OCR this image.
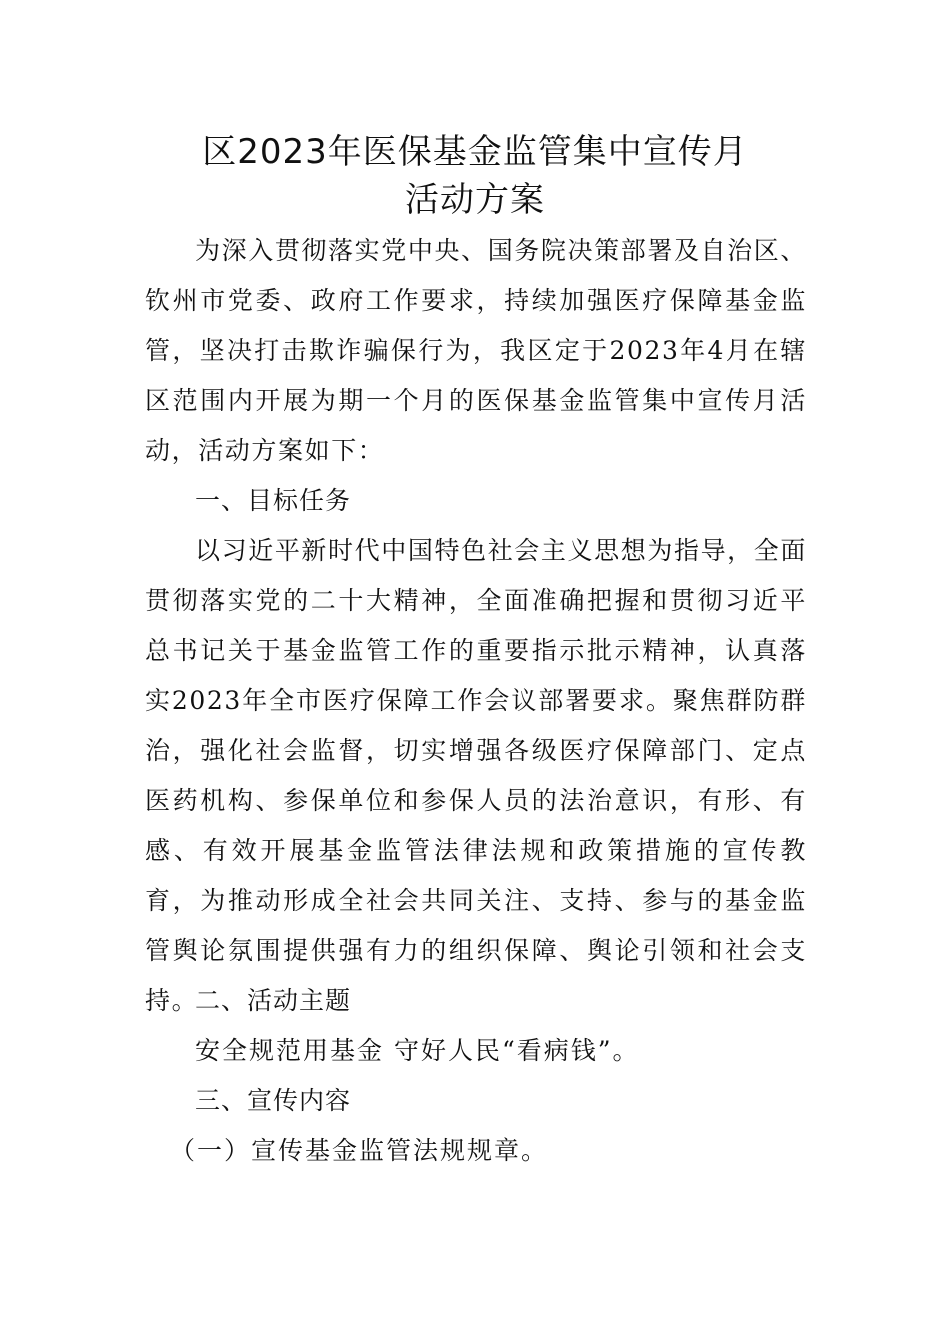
区2023年医保基金监管集中宣传月
活动方案

为深入贯彻落实党中央、国务院决策部署及自治区、钦州市党委、政府工作要求，持续加强医疗保障基金监管，坚决打击欺诈骗保行为，我区定于2023年4月在辖区范围内开展为期一个月的医保基金监管集中宣传月活动，活动方案如下：

一、目标任务

以习近平新时代中国特色社会主义思想为指导，全面贯彻落实党的二十大精神，全面准确把握和贯彻习近平总书记关于基金监管工作的重要指示批示精神，认真落实2023年全市医疗保障工作会议部署要求。聚焦群防群治，强化社会监督，切实增强各级医疗保障部门、定点医药机构、参保单位和参保人员的法治意识，有形、有感、有效开展基金监管法律法规和政策措施的宣传教育，为推动形成全社会共同关注、支持、参与的基金监管舆论氛围提供强有力的组织保障、舆论引领和社会支持。

二、活动主题
安全规范用基金 守好人民“看病钱”。
三、宣传内容
（一）宣传基金监管法规规章。
